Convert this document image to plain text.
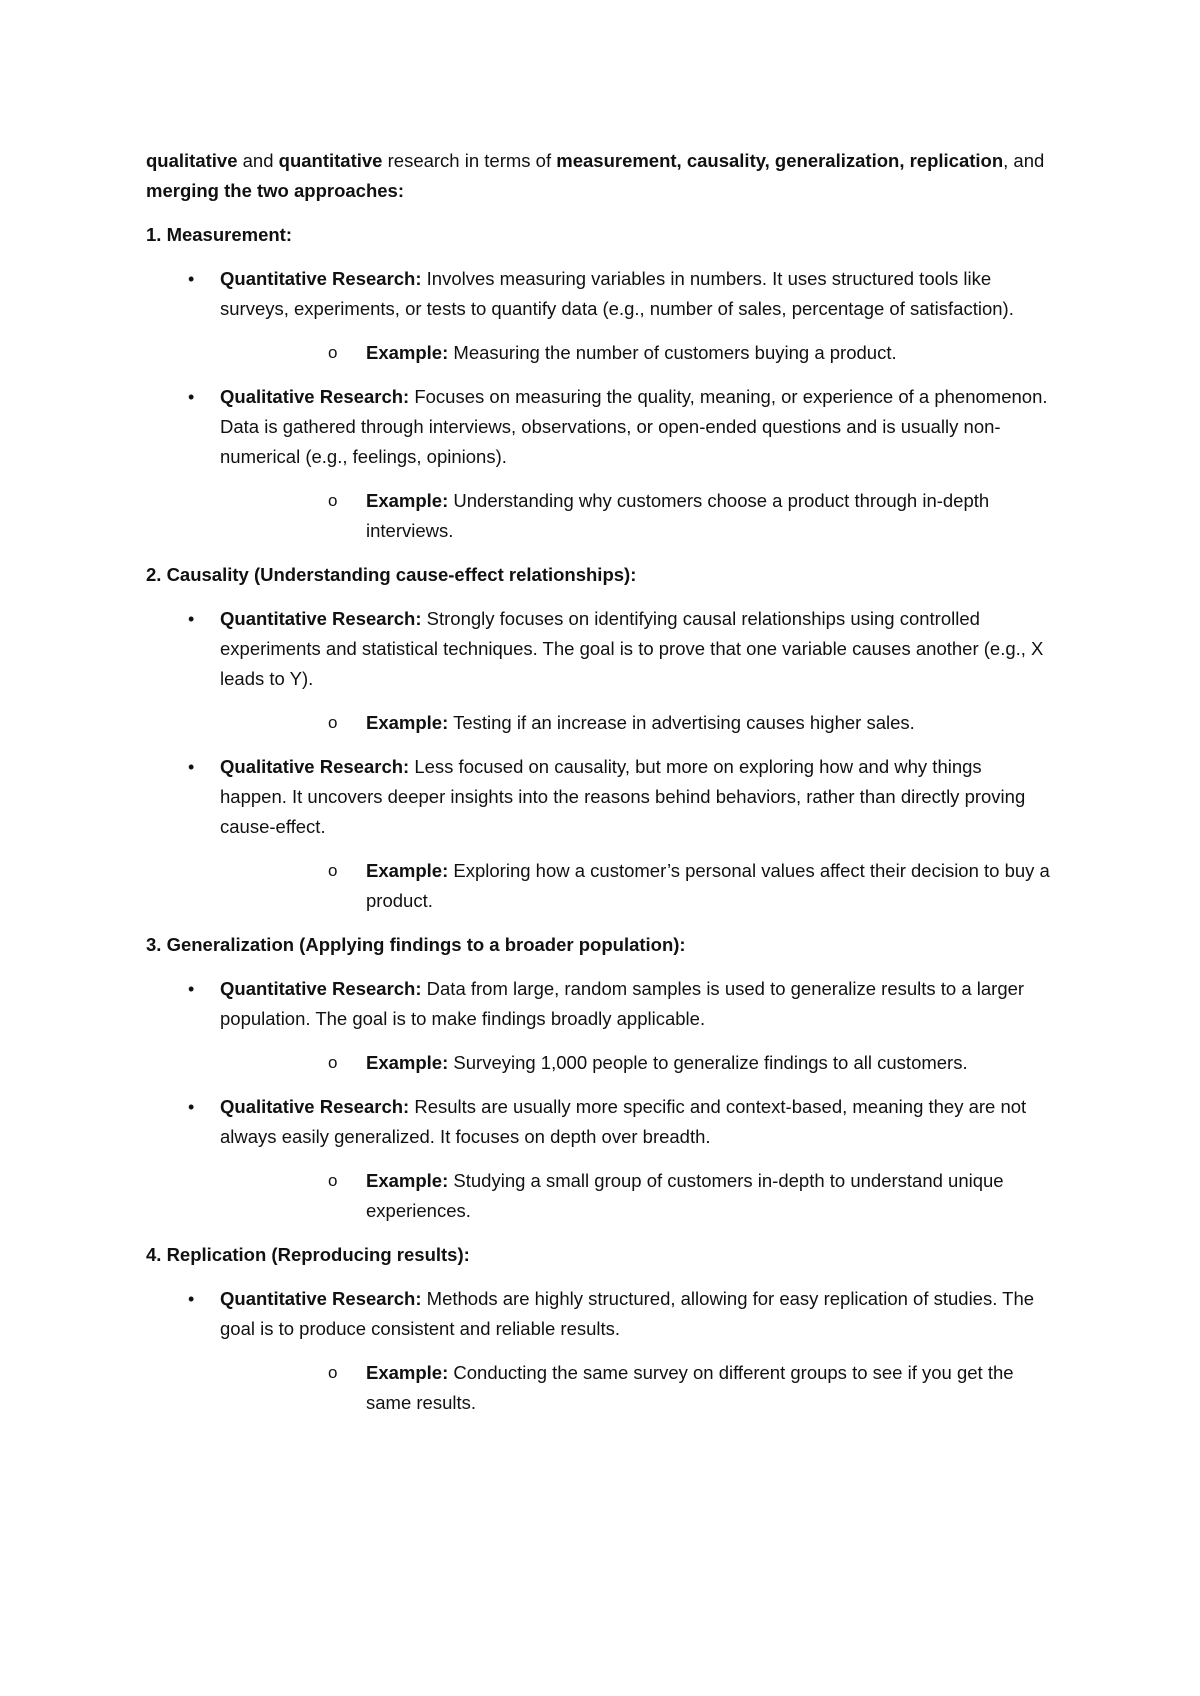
qualitative and quantitative research in terms of measurement, causality, generalization, replication, and merging the two approaches:

1. Measurement:

• Quantitative Research: Involves measuring variables in numbers. It uses structured tools like surveys, experiments, or tests to quantify data (e.g., number of sales, percentage of satisfaction).
o Example: Measuring the number of customers buying a product.
• Qualitative Research: Focuses on measuring the quality, meaning, or experience of a phenomenon. Data is gathered through interviews, observations, or open-ended questions and is usually non-numerical (e.g., feelings, opinions).
o Example: Understanding why customers choose a product through in-depth interviews.

2. Causality (Understanding cause-effect relationships):

• Quantitative Research: Strongly focuses on identifying causal relationships using controlled experiments and statistical techniques. The goal is to prove that one variable causes another (e.g., X leads to Y).
o Example: Testing if an increase in advertising causes higher sales.
• Qualitative Research: Less focused on causality, but more on exploring how and why things happen. It uncovers deeper insights into the reasons behind behaviors, rather than directly proving cause-effect.
o Example: Exploring how a customer’s personal values affect their decision to buy a product.

3. Generalization (Applying findings to a broader population):

• Quantitative Research: Data from large, random samples is used to generalize results to a larger population. The goal is to make findings broadly applicable.
o Example: Surveying 1,000 people to generalize findings to all customers.
• Qualitative Research: Results are usually more specific and context-based, meaning they are not always easily generalized. It focuses on depth over breadth.
o Example: Studying a small group of customers in-depth to understand unique experiences.

4. Replication (Reproducing results):

• Quantitative Research: Methods are highly structured, allowing for easy replication of studies. The goal is to produce consistent and reliable results.
o Example: Conducting the same survey on different groups to see if you get the same results.
